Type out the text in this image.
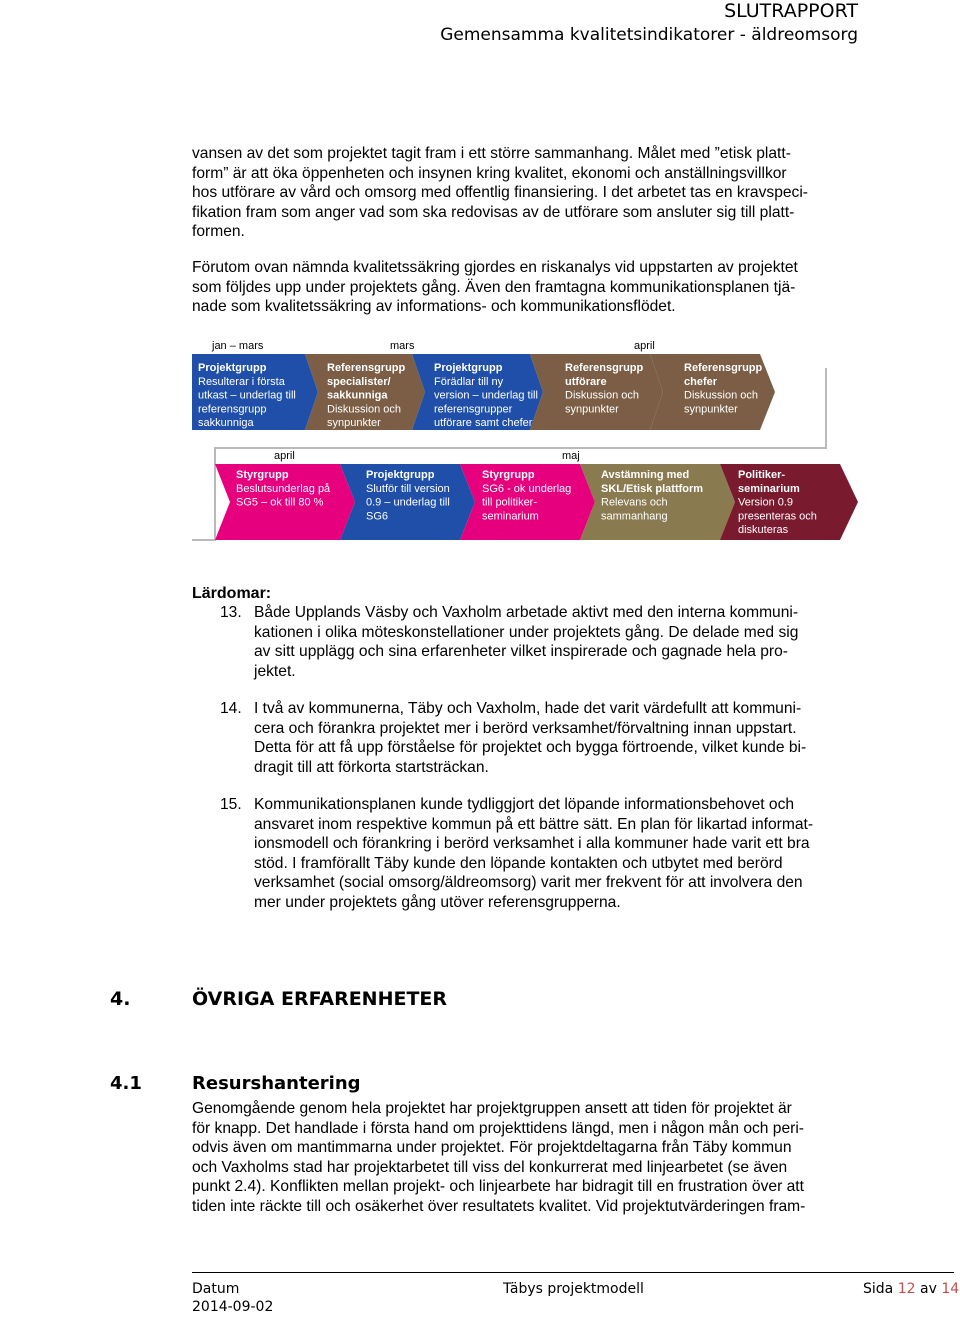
SLUTRAPPORT
Gemensamma kvalitetsindikatorer - äldreomsorg
vansen av det som projektet tagit fram i ett större sammanhang. Målet med ”etisk platt-
form” är att öka öppenheten och insynen kring kvalitet, ekonomi och anställningsvillkor
hos utförare av vård och omsorg med offentlig finansiering. I det arbetet tas en kravspeci-
fikation fram som anger vad som ska redovisas av de utförare som ansluter sig till platt-
formen.
Förutom ovan nämnda kvalitetssäkring gjordes en riskanalys vid uppstarten av projektet
som följdes upp under projektets gång. Även den framtagna kommunikationsplanen tjä-
nade som kvalitetssäkring av informations- och kommunikationsflödet.
jan – mars	mars	april
april	maj
Projektgrupp
Resulterar i första
utkast – underlag till
referensgrupp
sakkunniga
Referensgrupp
specialister/
sakkunniga
Diskussion och
synpunkter
Projektgrupp
Förädlar till ny
version – underlag till
referensgrupper
utförare samt chefer
Referensgrupp
utförare
Diskussion och
synpunkter
Referensgrupp
chefer
Diskussion och
synpunkter
Styrgrupp
Beslutsunderlag på
SG5 – ok till 80 %
Projektgrupp
Slutför till version
0.9 – underlag till
SG6
Styrgrupp
SG6 - ok underlag
till politiker-
seminarium
Avstämning med
SKL/Etisk plattform
Relevans och
sammanhang
Politiker-
seminarium
Version 0.9
presenteras och
diskuteras
Lärdomar:
13. Både Upplands Väsby och Vaxholm arbetade aktivt med den interna kommuni-
kationen i olika möteskonstellationer under projektets gång. De delade med sig
av sitt upplägg och sina erfarenheter vilket inspirerade och gagnade hela pro-
jektet.
14. I två av kommunerna, Täby och Vaxholm, hade det varit värdefullt att kommuni-
cera och förankra projektet mer i berörd verksamhet/förvaltning innan uppstart.
Detta för att få upp förståelse för projektet och bygga förtroende, vilket kunde bi-
dragit till att förkorta startsträckan.
15. Kommunikationsplanen kunde tydliggjort det löpande informationsbehovet och
ansvaret inom respektive kommun på ett bättre sätt. En plan för likartad informat-
ionsmodell och förankring i berörd verksamhet i alla kommuner hade varit ett bra
stöd. I framförallt Täby kunde den löpande kontakten och utbytet med berörd
verksamhet (social omsorg/äldreomsorg) varit mer frekvent för att involvera den
mer under projektets gång utöver referensgrupperna.
4.	ÖVRIGA ERFARENHETER
4.1	Resurshantering
Genomgående genom hela projektet har projektgruppen ansett att tiden för projektet är
för knapp. Det handlade i första hand om projekttidens längd, men i någon mån och peri-
odvis även om mantimmarna under projektet. För projektdeltagarna från Täby kommun
och Vaxholms stad har projektarbetet till viss del konkurrerat med linjearbetet (se även
punkt 2.4). Konflikten mellan projekt- och linjearbete har bidragit till en frustration över att
tiden inte räckte till och osäkerhet över resultatets kvalitet. Vid projektutvärderingen fram-
Datum
2014-09-02
Täbys projektmodell	Sida 12 av 14
